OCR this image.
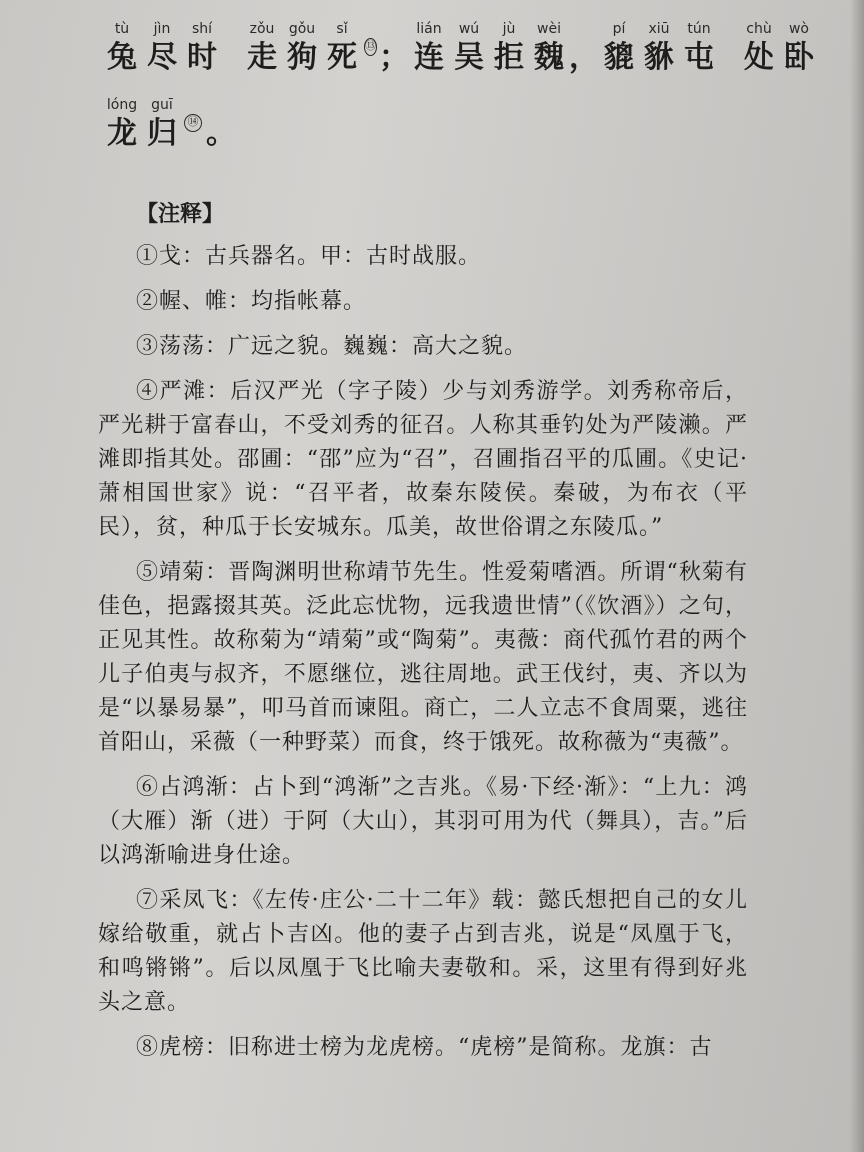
tù
兔
jìn
尽
shí
时
zǒu
走
gǒu
狗
sǐ
死 ⑬ ；
lián
连
wú
吴
jù
拒
wèi
魏 ，
pí
貔
xiū
貅
tún
屯
chù
处
wò
卧
lóng
龙
guī
归 ⑭ 。
【注释】

①戈：古兵器名。甲：古时战服。

②幄、帷：均指帐幕。

③荡荡：广远之貌。巍巍：高大之貌。

④严滩：后汉严光（字子陵）少与刘秀游学。刘秀称帝后，严光耕于富春山，不受刘秀的征召。人称其垂钓处为严陵濑。严滩即指其处。邵圃：“邵”应为“召”，召圃指召平的瓜圃。《史记·萧相国世家》说：“召平者，故秦东陵侯。秦破，为布衣（平民），贫，种瓜于长安城东。瓜美，故世俗谓之东陵瓜。”

⑤靖菊：晋陶渊明世称靖节先生。性爱菊嗜酒。所谓“秋菊有佳色，挹露掇其英。泛此忘忧物，远我遗世情”（《饮酒》）之句，正见其性。故称菊为“靖菊”或“陶菊”。夷薇：商代孤竹君的两个儿子伯夷与叔齐，不愿继位，逃往周地。武王伐纣，夷、齐以为是“以暴易暴”，叩马首而谏阻。商亡，二人立志不食周粟，逃往首阳山，采薇（一种野菜）而食，终于饿死。故称薇为“夷薇”。

⑥占鸿渐：占卜到“鸿渐”之吉兆。《易·下经·渐》：“上九：鸿（大雁）渐（进）于阿（大山），其羽可用为代（舞具），吉。”后以鸿渐喻进身仕途。

⑦采凤飞：《左传·庄公·二十二年》载：懿氏想把自己的女儿嫁给敬重，就占卜吉凶。他的妻子占到吉兆，说是“凤凰于飞，和鸣锵锵”。后以凤凰于飞比喻夫妻敬和。采，这里有得到好兆头之意。

⑧虎榜：旧称进士榜为龙虎榜。“虎榜”是简称。龙旗：古
